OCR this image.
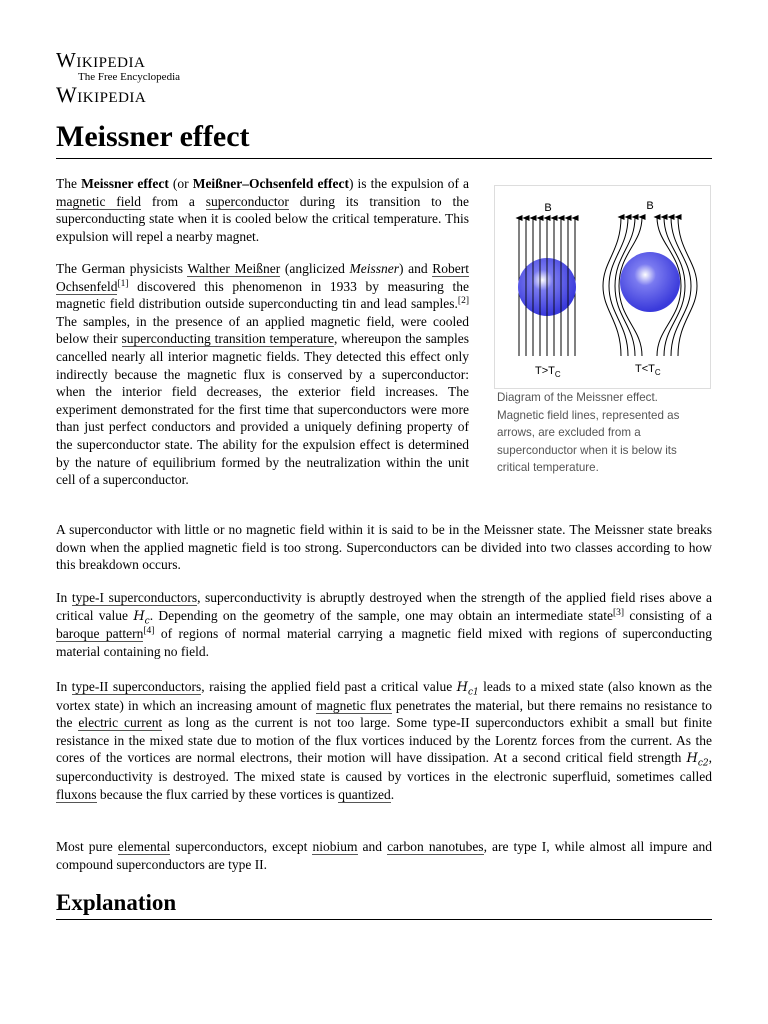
Wikipedia
The Free Encyclopedia
Wikipedia
Meissner effect

The Meissner effect (or Meißner–Ochsenfeld effect) is the expulsion of a magnetic field from a superconductor during its transition to the superconducting state when it is cooled below the critical temperature. This expulsion will repel a nearby magnet.

The German physicists Walther Meißner (anglicized Meissner) and Robert Ochsenfeld[1] discovered this phenomenon in 1933 by measuring the magnetic field distribution outside superconducting tin and lead samples.[2] The samples, in the presence of an applied magnetic field, were cooled below their superconducting transition temperature, whereupon the samples cancelled nearly all interior magnetic fields. They detected this effect only indirectly because the magnetic flux is conserved by a superconductor: when the interior field decreases, the exterior field increases. The experiment demonstrated for the first time that superconductors were more than just perfect conductors and provided a uniquely defining property of the superconductor state. The ability for the expulsion effect is determined by the nature of equilibrium formed by the neutralization within the unit cell of a superconductor.

B
$T>T_C$
B
$T<T_C$

Diagram of the Meissner effect. Magnetic field lines, represented as arrows, are excluded from a superconductor when it is below its critical temperature.

A superconductor with little or no magnetic field within it is said to be in the Meissner state. The Meissner state breaks down when the applied magnetic field is too strong. Superconductors can be divided into two classes according to how this breakdown occurs.

In type-I superconductors, superconductivity is abruptly destroyed when the strength of the applied field rises above a critical value $H_c$. Depending on the geometry of the sample, one may obtain an intermediate state[3] consisting of a baroque pattern[4] of regions of normal material carrying a magnetic field mixed with regions of superconducting material containing no field.

In type-II superconductors, raising the applied field past a critical value $H_{c1}$ leads to a mixed state (also known as the vortex state) in which an increasing amount of magnetic flux penetrates the material, but there remains no resistance to the electric current as long as the current is not too large. Some type-II superconductors exhibit a small but finite resistance in the mixed state due to motion of the flux vortices induced by the Lorentz forces from the current. As the cores of the vortices are normal electrons, their motion will have dissipation. At a second critical field strength $H_{c2}$, superconductivity is destroyed. The mixed state is caused by vortices in the electronic superfluid, sometimes called fluxons because the flux carried by these vortices is quantized.

Most pure elemental superconductors, except niobium and carbon nanotubes, are type I, while almost all impure and compound superconductors are type II.

Explanation
